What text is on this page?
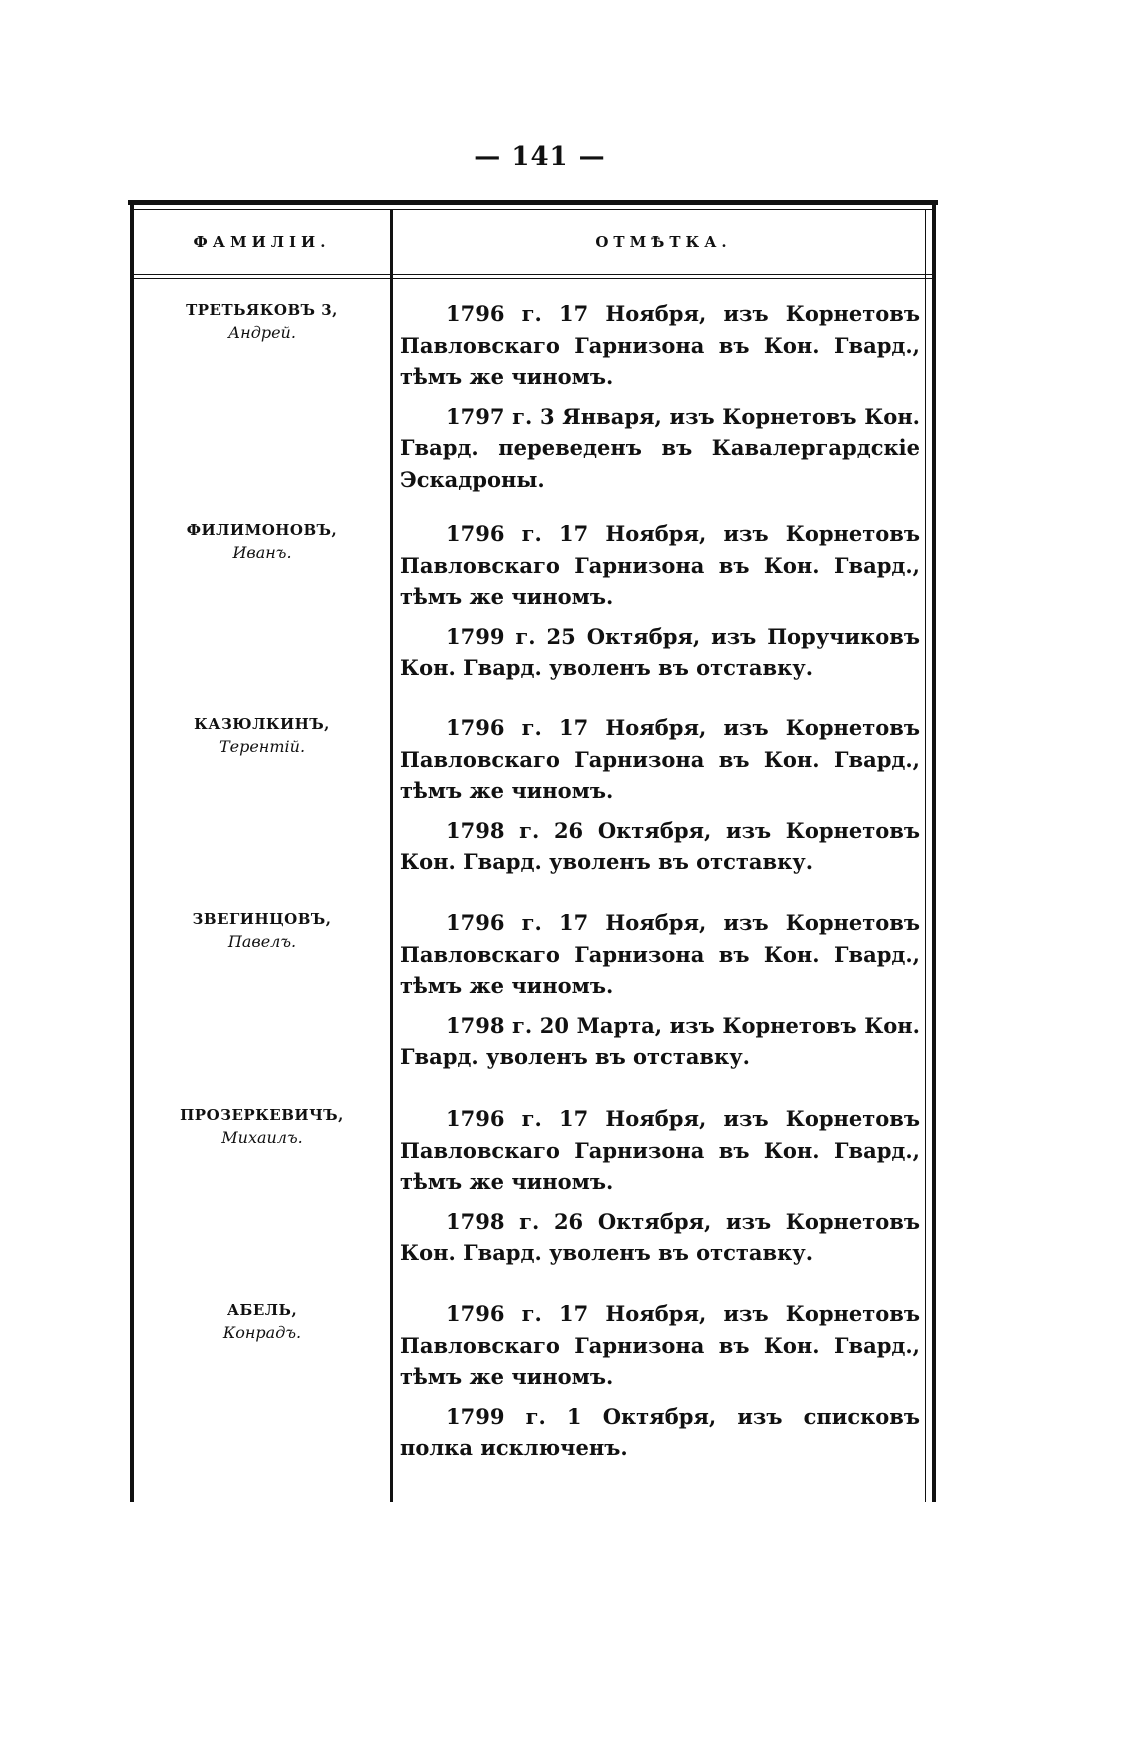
— 141 —
ФАМИЛІИ.	ОТМѢТКА.
ТРЕТЬЯКОВЪ 3,
Андрей.

1796 г. 17 Ноября, изъ Корнетовъ Павловскаго Гарнизона въ Кон. Гвард., тѣмъ же чиномъ.

1797 г. 3 Января, изъ Корнетовъ Кон. Гвард. переведенъ въ Кавалергардскіе Эскадроны.

ФИЛИМОНОВЪ,
Иванъ.

1796 г. 17 Ноября, изъ Корнетовъ Павловскаго Гарнизона въ Кон. Гвард., тѣмъ же чиномъ.

1799 г. 25 Октября, изъ Поручиковъ Кон. Гвард. уволенъ въ отставку.

КАЗЮЛКИНЪ,
Терентій.

1796 г. 17 Ноября, изъ Корнетовъ Павловскаго Гарнизона въ Кон. Гвард., тѣмъ же чиномъ.

1798 г. 26 Октября, изъ Корнетовъ Кон. Гвард. уволенъ въ отставку.

ЗВЕГИНЦОВЪ,
Павелъ.

1796 г. 17 Ноября, изъ Корнетовъ Павловскаго Гарнизона въ Кон. Гвард., тѣмъ же чиномъ.

1798 г. 20 Марта, изъ Корнетовъ Кон. Гвард. уволенъ въ отставку.

ПРОЗЕРКЕВИЧЪ,
Михаилъ.

1796 г. 17 Ноября, изъ Корнетовъ Павловскаго Гарнизона въ Кон. Гвард., тѣмъ же чиномъ.

1798 г. 26 Октября, изъ Корнетовъ Кон. Гвард. уволенъ въ отставку.

АБЕЛЬ,
Конрадъ.

1796 г. 17 Ноября, изъ Корнетовъ Павловскаго Гарнизона въ Кон. Гвард., тѣмъ же чиномъ.

1799 г. 1 Октября, изъ списковъ полка исключенъ.
